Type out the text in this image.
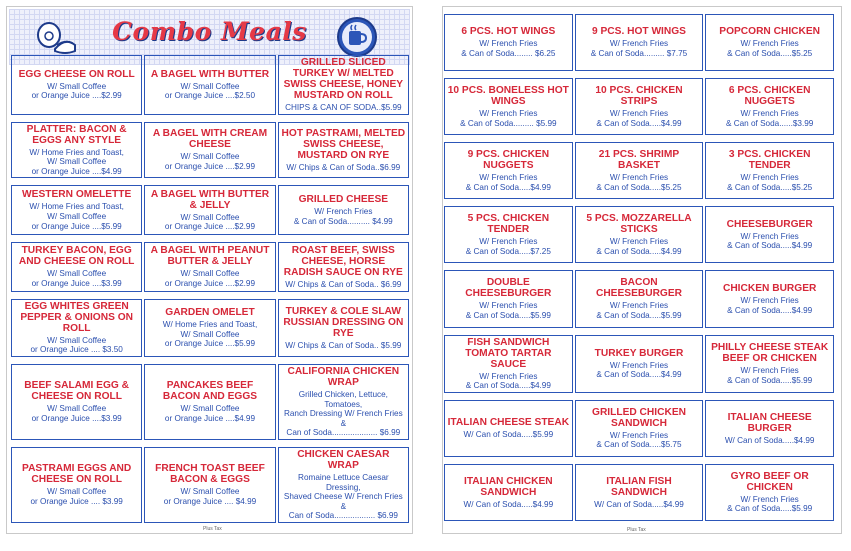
Combo Meals
Plus Tax
EGG CHEESE ON ROLL
W/ Small Coffee
or Orange Juice ....$2.99
A BAGEL WITH BUTTER
W/ Small Coffee
or Orange Juice ....$2.50
GRILLED SLICED TURKEY W/ MELTED SWISS CHEESE, HONEY MUSTARD ON ROLL
CHIPS & CAN OF SODA..$5.99
PLATTER: BACON & EGGS ANY STYLE
W/ Home Fries and Toast,
W/ Small Coffee
or Orange Juice ....$4.99
A BAGEL WITH CREAM CHEESE
W/ Small Coffee
or Orange Juice ....$2.99
HOT PASTRAMI, MELTED SWISS CHEESE, MUSTARD ON RYE
W/ Chips & Can of Soda..$6.99
WESTERN OMELETTE
W/ Home Fries and Toast,
W/ Small Coffee
or Orange Juice ....$5.99
A BAGEL WITH BUTTER & JELLY
W/ Small Coffee
or Orange Juice ....$2.99
GRILLED CHEESE
W/ French Fries
& Can of Soda.......... $4.99
TURKEY BACON, EGG AND CHEESE ON ROLL
W/ Small Coffee
or Orange Juice ....$3.99
A BAGEL WITH PEANUT BUTTER & JELLY
W/ Small Coffee
or Orange Juice ....$2.99
ROAST BEEF, SWISS CHEESE, HORSE RADISH SAUCE ON RYE
W/ Chips & Can of Soda.. $6.99
EGG WHITES GREEN PEPPER & ONIONS ON ROLL
W/ Small Coffee
or Orange Juice .... $3.50
GARDEN OMELET
W/ Home Fries and Toast,
W/ Small Coffee
or Orange Juice ....$5.99
TURKEY & COLE SLAW RUSSIAN DRESSING ON RYE
W/ Chips & Can of Soda.. $5.99
BEEF SALAMI EGG & CHEESE ON ROLL
W/ Small Coffee
or Orange Juice ....$3.99
PANCAKES BEEF BACON AND EGGS
W/ Small Coffee
or Orange Juice ....$4.99
CALIFORNIA CHICKEN WRAP
Grilled Chicken, Lettuce, Tomatoes,
Ranch Dressing W/ French Fries &
Can of Soda.................... $6.99
PASTRAMI EGGS AND CHEESE ON ROLL
W/ Small Coffee
or Orange Juice .... $3.99
FRENCH TOAST BEEF BACON & EGGS
W/ Small Coffee
or Orange Juice .... $4.99
CHICKEN CAESAR WRAP
Romaine Lettuce Caesar Dressing,
Shaved Cheese W/ French Fries &
Can of Soda.................. $6.99
Plus Tax
6 PCS. HOT WINGS
W/ French Fries
& Can of Soda........ $6.25
9 PCS. HOT WINGS
W/ French Fries
& Can of Soda......... $7.75
POPCORN CHICKEN
W/ French Fries
& Can of Soda.....$5.25
10 PCS. BONELESS HOT WINGS
W/ French Fries
& Can of Soda......... $5.99
10 PCS. CHICKEN STRIPS
W/ French Fries
& Can of Soda.....$4.99
6 PCS. CHICKEN NUGGETS
W/ French Fries
& Can of Soda......$3.99
9 PCS. CHICKEN NUGGETS
W/ French Fries
& Can of Soda.....$4.99
21 PCS. SHRIMP BASKET
W/ French Fries
& Can of Soda.....$5.25
3 PCS. CHICKEN TENDER
W/ French Fries
& Can of Soda.....$5.25
5 PCS. CHICKEN TENDER
W/ French Fries
& Can of Soda.....$7.25
5 PCS. MOZZARELLA STICKS
W/ French Fries
& Can of Soda.....$4.99
CHEESEBURGER
W/ French Fries
& Can of Soda.....$4.99
DOUBLE CHEESEBURGER
W/ French Fries
& Can of Soda.....$5.99
BACON CHEESEBURGER
W/ French Fries
& Can of Soda.....$5.99
CHICKEN BURGER
W/ French Fries
& Can of Soda.....$4.99
FISH SANDWICH TOMATO TARTAR SAUCE
W/ French Fries
& Can of Soda.....$4.99
TURKEY BURGER
W/ French Fries
& Can of Soda.....$4.99
PHILLY CHEESE STEAK BEEF OR CHICKEN
W/ French Fries
& Can of Soda.....$5.99
ITALIAN CHEESE STEAK
W/ Can of Soda.....$5.99
GRILLED CHICKEN SANDWICH
W/ French Fries
& Can of Soda.....$5.75
ITALIAN CHEESE BURGER
W/ Can of Soda.....$4.99
ITALIAN CHICKEN SANDWICH
W/ Can of Soda.....$4.99
ITALIAN FISH SANDWICH
W/ Can of Soda.....$4.99
GYRO BEEF OR CHICKEN
W/ French Fries
& Can of Soda.....$5.99
